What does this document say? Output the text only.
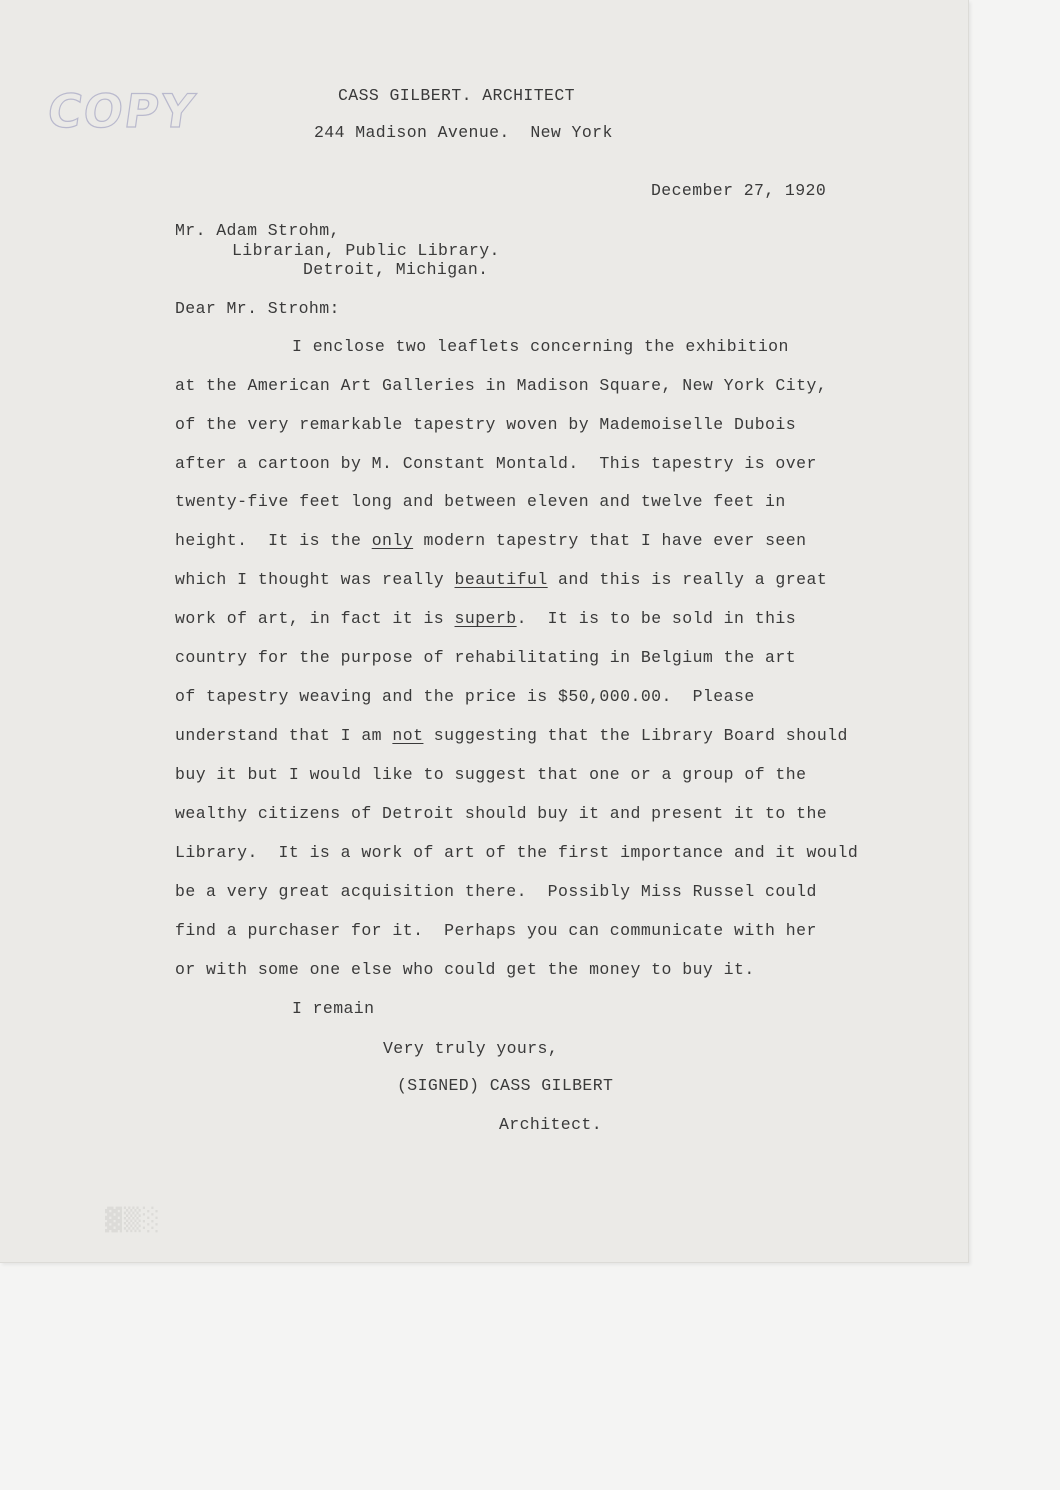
COPY	CASS GILBERT. ARCHITECT
244 Madison Avenue.  New York
December 27, 1920
Mr. Adam Strohm,
Librarian, Public Library.
Detroit, Michigan.
Dear Mr. Strohm:
I enclose two leaflets concerning the exhibition
at the American Art Galleries in Madison Square, New York City,
of the very remarkable tapestry woven by Mademoiselle Dubois
after a cartoon by M. Constant Montald.  This tapestry is over
twenty-five feet long and between eleven and twelve feet in
height.  It is the only modern tapestry that I have ever seen
which I thought was really beautiful and this is really a great
work of art, in fact it is superb.  It is to be sold in this
country for the purpose of rehabilitating in Belgium the art
of tapestry weaving and the price is $50,000.00.  Please
understand that I am not suggesting that the Library Board should
buy it but I would like to suggest that one or a group of the
wealthy citizens of Detroit should buy it and present it to the
Library.  It is a work of art of the first importance and it would
be a very great acquisition there.  Possibly Miss Russel could
find a purchaser for it.  Perhaps you can communicate with her
or with some one else who could get the money to buy it.
I remain
Very truly yours,
(SIGNED) CASS GILBERT
Architect.
▓▒░
